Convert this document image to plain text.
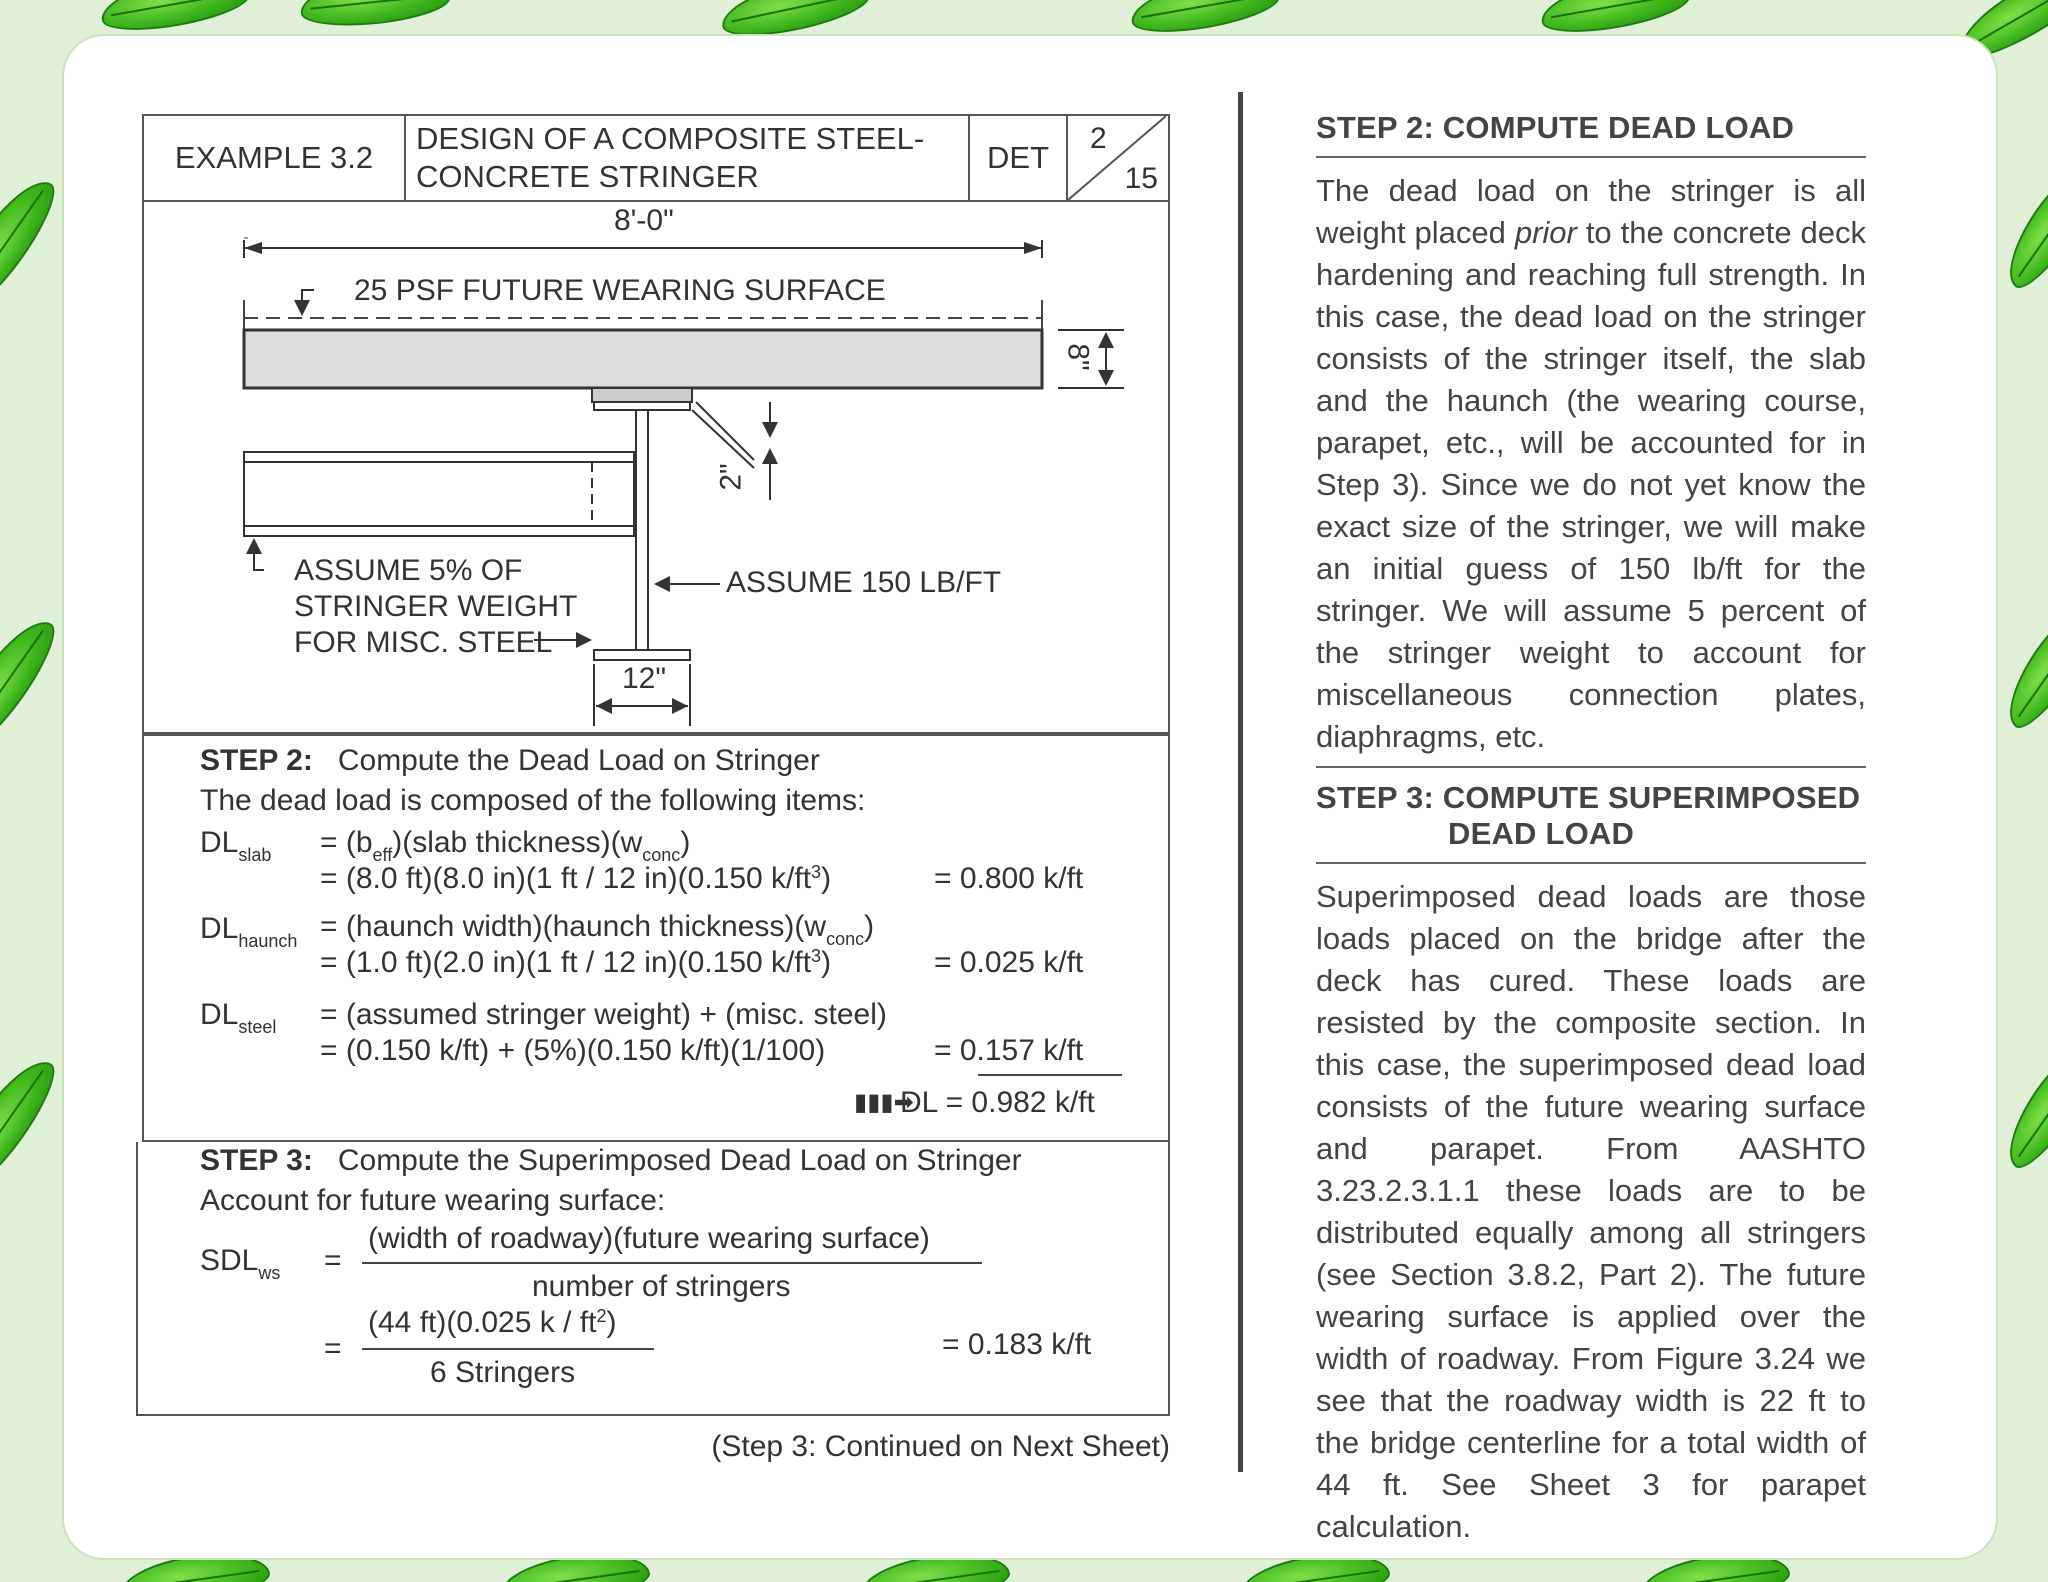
EXAMPLE 3.2
DESIGN OF A COMPOSITE STEEL-
CONCRETE STRINGER
DET
2
15
8'-0"
25 PSF FUTURE WEARING SURFACE
8"
2"
ASSUME 5% OF
STRINGER WEIGHT
FOR MISC. STEEL
ASSUME 150 LB/FT
12"
STEP 2: Compute the Dead Load on Stringer
The dead load is composed of the following items:
$DL_{slab}$ = $(b_{eff})(slab$ $thickness)(w_{conc})$
= (8.0 ft)(8.0 in)(1 ft / 12 in)(0.150 $k/ft^3$)	= 0.800 k/ft
$DL_{haunch}$ = (haunch width)(haunch $thickness)(w_{conc})$
= (1.0 ft)(2.0 in)(1 ft / 12 in)(0.150 $k/ft^3$)	= 0.025 k/ft
$DL_{steel}$ = (assumed stringer weight) + (misc. steel)
= (0.150 k/ft) + (5%)(0.150 k/ft)(1/100)	= 0.157 k/ft
▮▮▮➡
DL = 0.982 k/ft
STEP 3: Compute the Superimposed Dead Load on Stringer
Account for future wearing surface:
$SDL_{ws}$ =
(width of roadway)(future wearing surface)
number of stringers
(44 ft)(0.025 k / $ft^2$)
=
6 Stringers
= 0.183 k/ft
(Step 3: Continued on Next Sheet)
STEP 2: COMPUTE DEAD LOAD

The dead load on the stringer is all weight placed prior to the concrete deck hardening and reaching full strength. In this case, the dead load on the stringer consists of the stringer itself, the slab and the haunch (the wearing course, parapet, etc., will be accounted for in Step 3). Since we do not yet know the exact size of the stringer, we will make an initial guess of 150 lb/ft for the stringer. We will assume 5 percent of the stringer weight to account for miscellaneous connection plates, diaphragms, etc.

STEP 3: COMPUTE SUPERIMPOSED
DEAD LOAD

Superimposed dead loads are those loads placed on the bridge after the deck has cured. These loads are resisted by the composite section. In this case, the superimposed dead load consists of the future wearing surface and parapet. From AASHTO 3.23.2.3.1.1 these loads are to be distributed equally among all stringers (see Section 3.8.2, Part 2). The future wearing surface is applied over the width of roadway. From Figure 3.24 we see that the roadway width is 22 ft to the bridge centerline for a total width of 44 ft. See Sheet 3 for parapet calculation.
